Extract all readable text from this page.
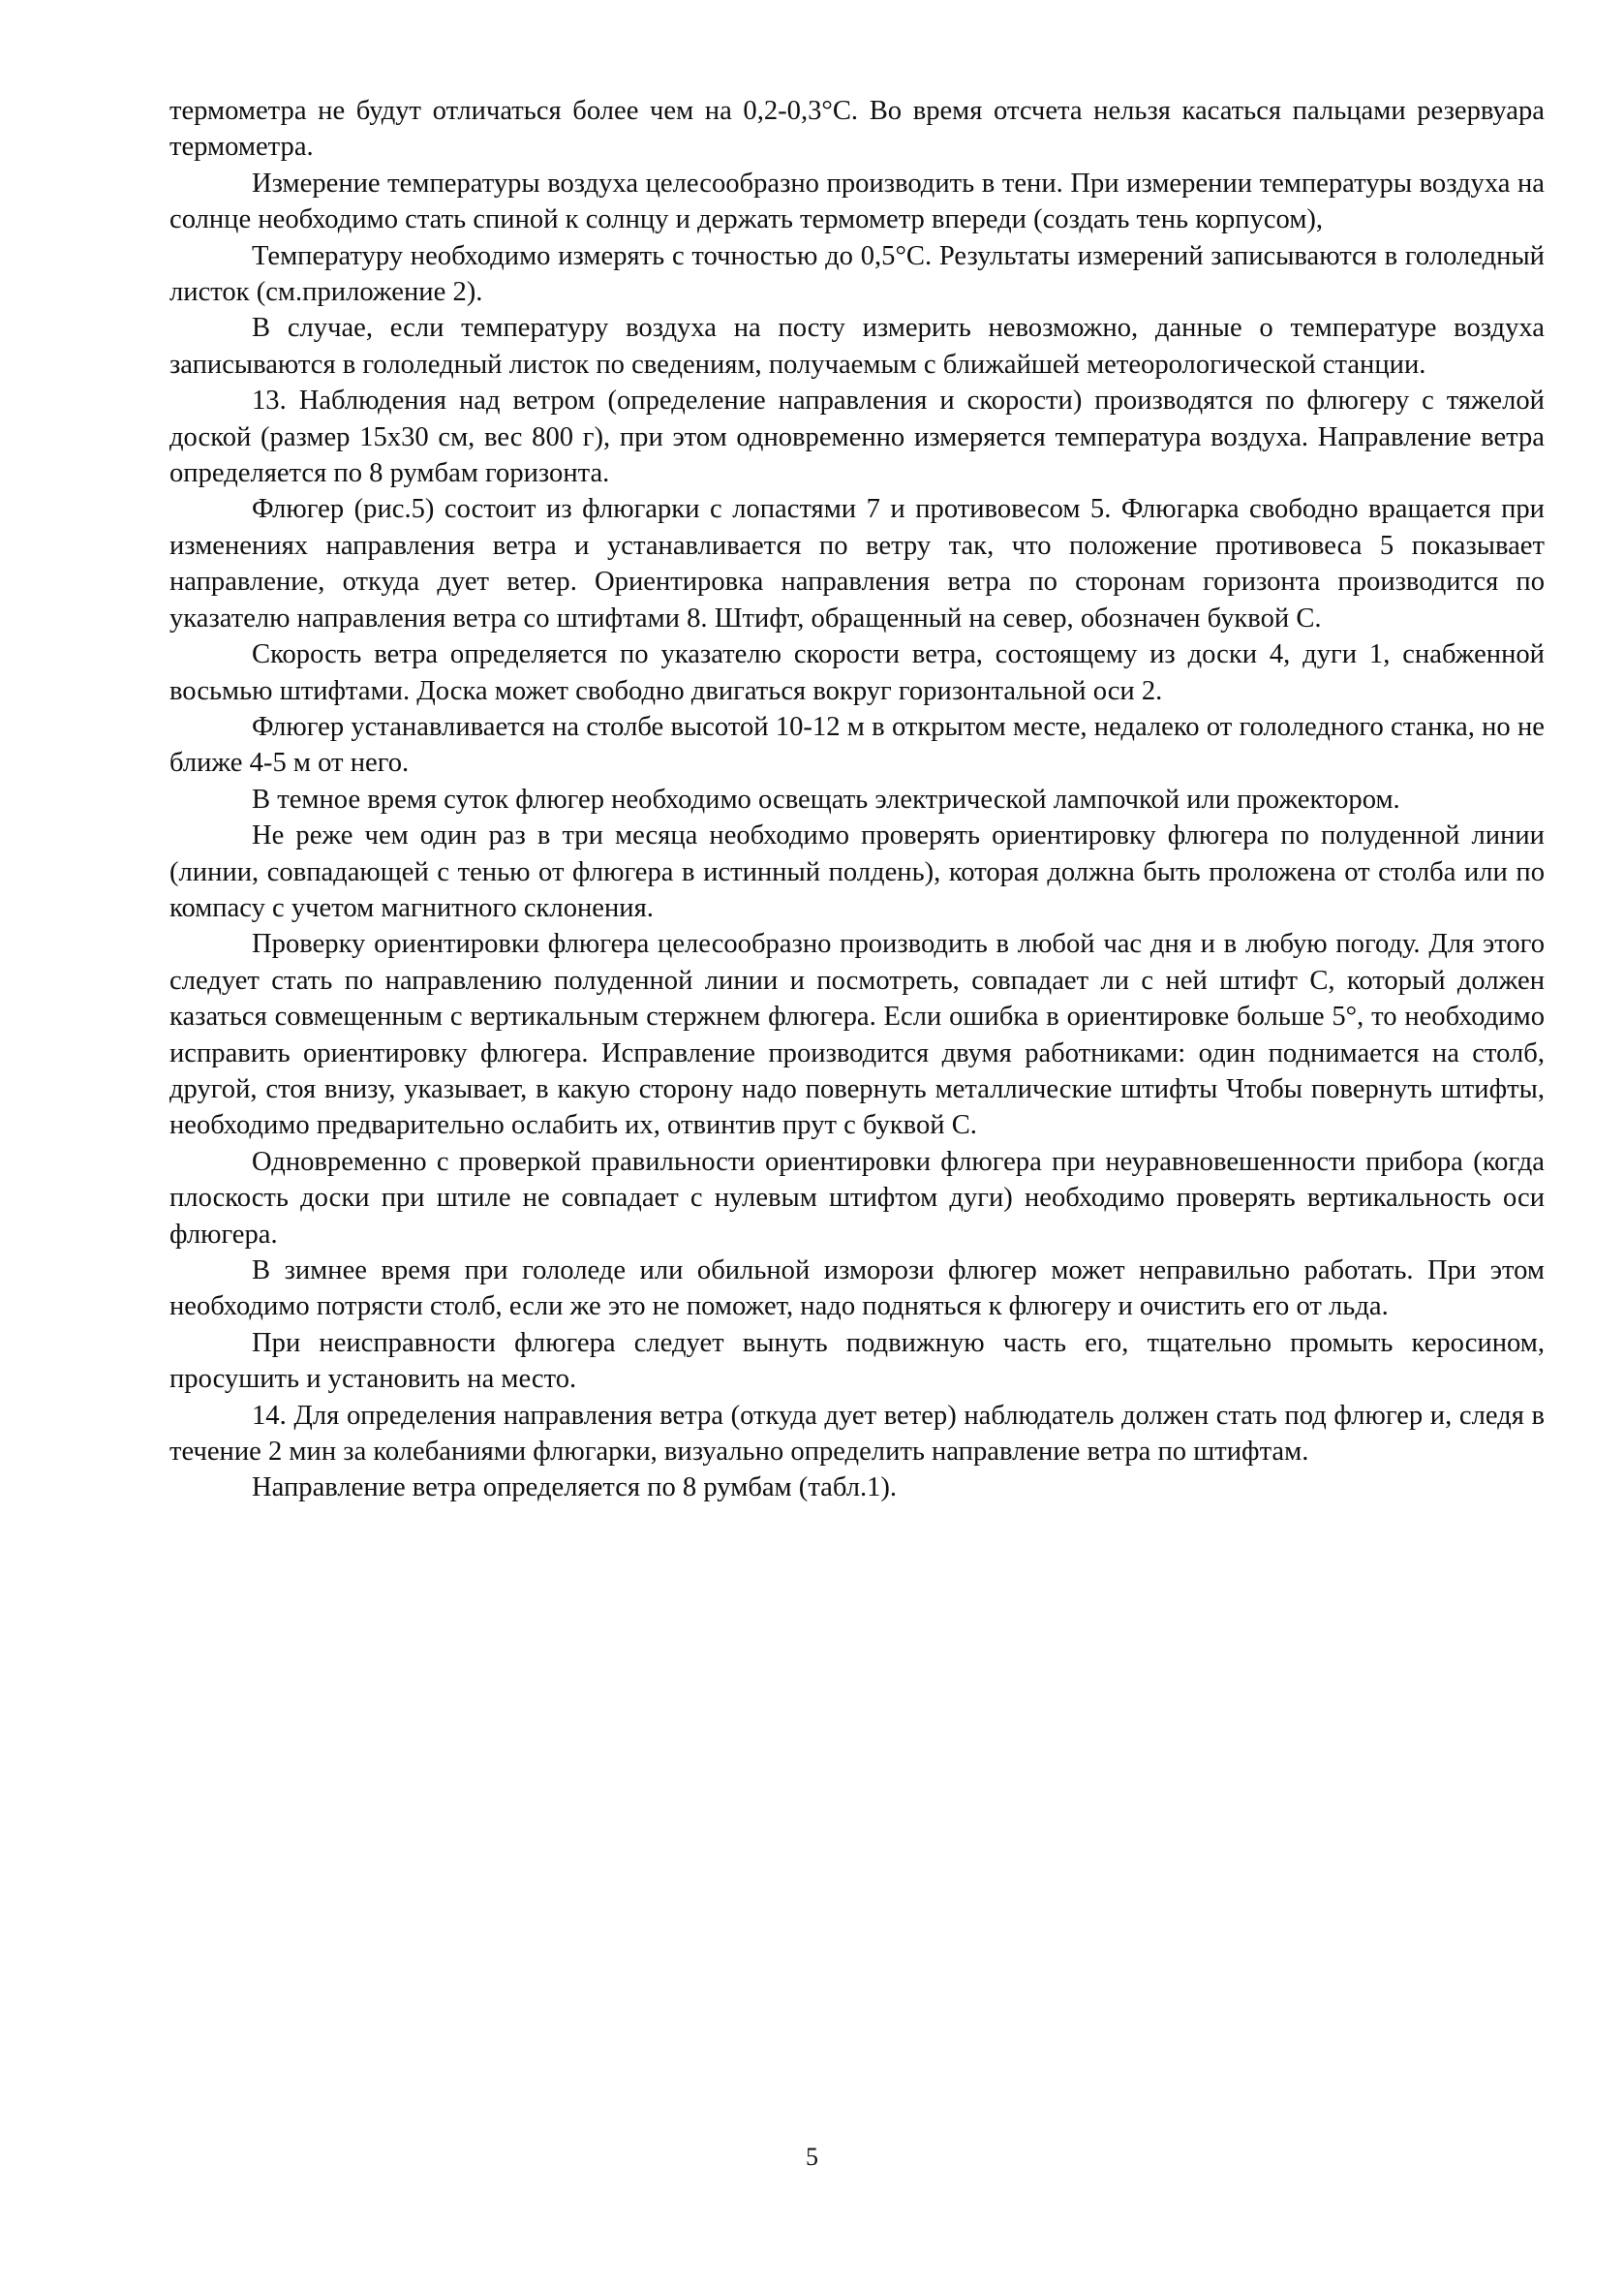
термометра не будут отличаться более чем на 0,2-0,3°С. Во время отсчета нельзя касаться пальцами резервуара термометра.

Измерение температуры воздуха целесообразно производить в тени. При измерении температуры воздуха на солнце необходимо стать спиной к солнцу и держать термометр впереди (создать тень корпусом),

Температуру необходимо измерять с точностью до 0,5°С. Результаты измерений записываются в гололедный листок (см.приложение 2).

В случае, если температуру воздуха на посту измерить невозможно, данные о температуре воздуха записываются в гололедный листок по сведениям, получаемым с ближайшей метеорологической станции.

13. Наблюдения над ветром (определение направления и скорости) производятся по флюгеру с тяжелой доской (размер 15x30 см, вес 800 г), при этом одновременно измеряется температура воздуха. Направление ветра определяется по 8 румбам горизонта.

Флюгер (рис.5) состоит из флюгарки с лопастями 7 и противовесом 5. Флюгарка свободно вращается при изменениях направления ветра и устанавливается по ветру так, что положение противовеса 5 показывает направление, откуда дует ветер. Ориентировка направления ветра по сторонам горизонта производится по указателю направления ветра со штифтами 8. Штифт, обращенный на север, обозначен буквой С.

Скорость ветра определяется по указателю скорости ветра, состоящему из доски 4, дуги 1, снабженной восьмью штифтами. Доска может свободно двигаться вокруг горизонтальной оси 2.

Флюгер устанавливается на столбе высотой 10-12 м в открытом месте, недалеко от гололедного станка, но не ближе 4-5 м от него.

В темное время суток флюгер необходимо освещать электрической лампочкой или прожектором.

Не реже чем один раз в три месяца необходимо проверять ориентировку флюгера по полуденной линии (линии, совпадающей с тенью от флюгера в истинный полдень), которая должна быть проложена от столба или по компасу с учетом магнитного склонения.

Проверку ориентировки флюгера целесообразно производить в любой час дня и в любую погоду. Для этого следует стать по направлению полуденной линии и посмотреть, совпадает ли с ней штифт С, который должен казаться совмещенным с вертикальным стержнем флюгера. Если ошибка в ориентировке больше 5°, то необходимо исправить ориентировку флюгера. Исправление производится двумя работниками: один поднимается на столб, другой, стоя внизу, указывает, в какую сторону надо повернуть металлические штифты Чтобы повернуть штифты, необходимо предварительно ослабить их, отвинтив прут с буквой С.

Одновременно с проверкой правильности ориентировки флюгера при неуравновешенности прибора (когда плоскость доски при штиле не совпадает с нулевым штифтом дуги) необходимо проверять вертикальность оси флюгера.

В зимнее время при гололеде или обильной изморози флюгер может неправильно работать. При этом необходимо потрясти столб, если же это не поможет, надо подняться к флюгеру и очистить его от льда.

При неисправности флюгера следует вынуть подвижную часть его, тщательно промыть керосином, просушить и установить на место.

14. Для определения направления ветра (откуда дует ветер) наблюдатель должен стать под флюгер и, следя в течение 2 мин за колебаниями флюгарки, визуально определить направление ветра по штифтам.

Направление ветра определяется по 8 румбам (табл.1).

5
